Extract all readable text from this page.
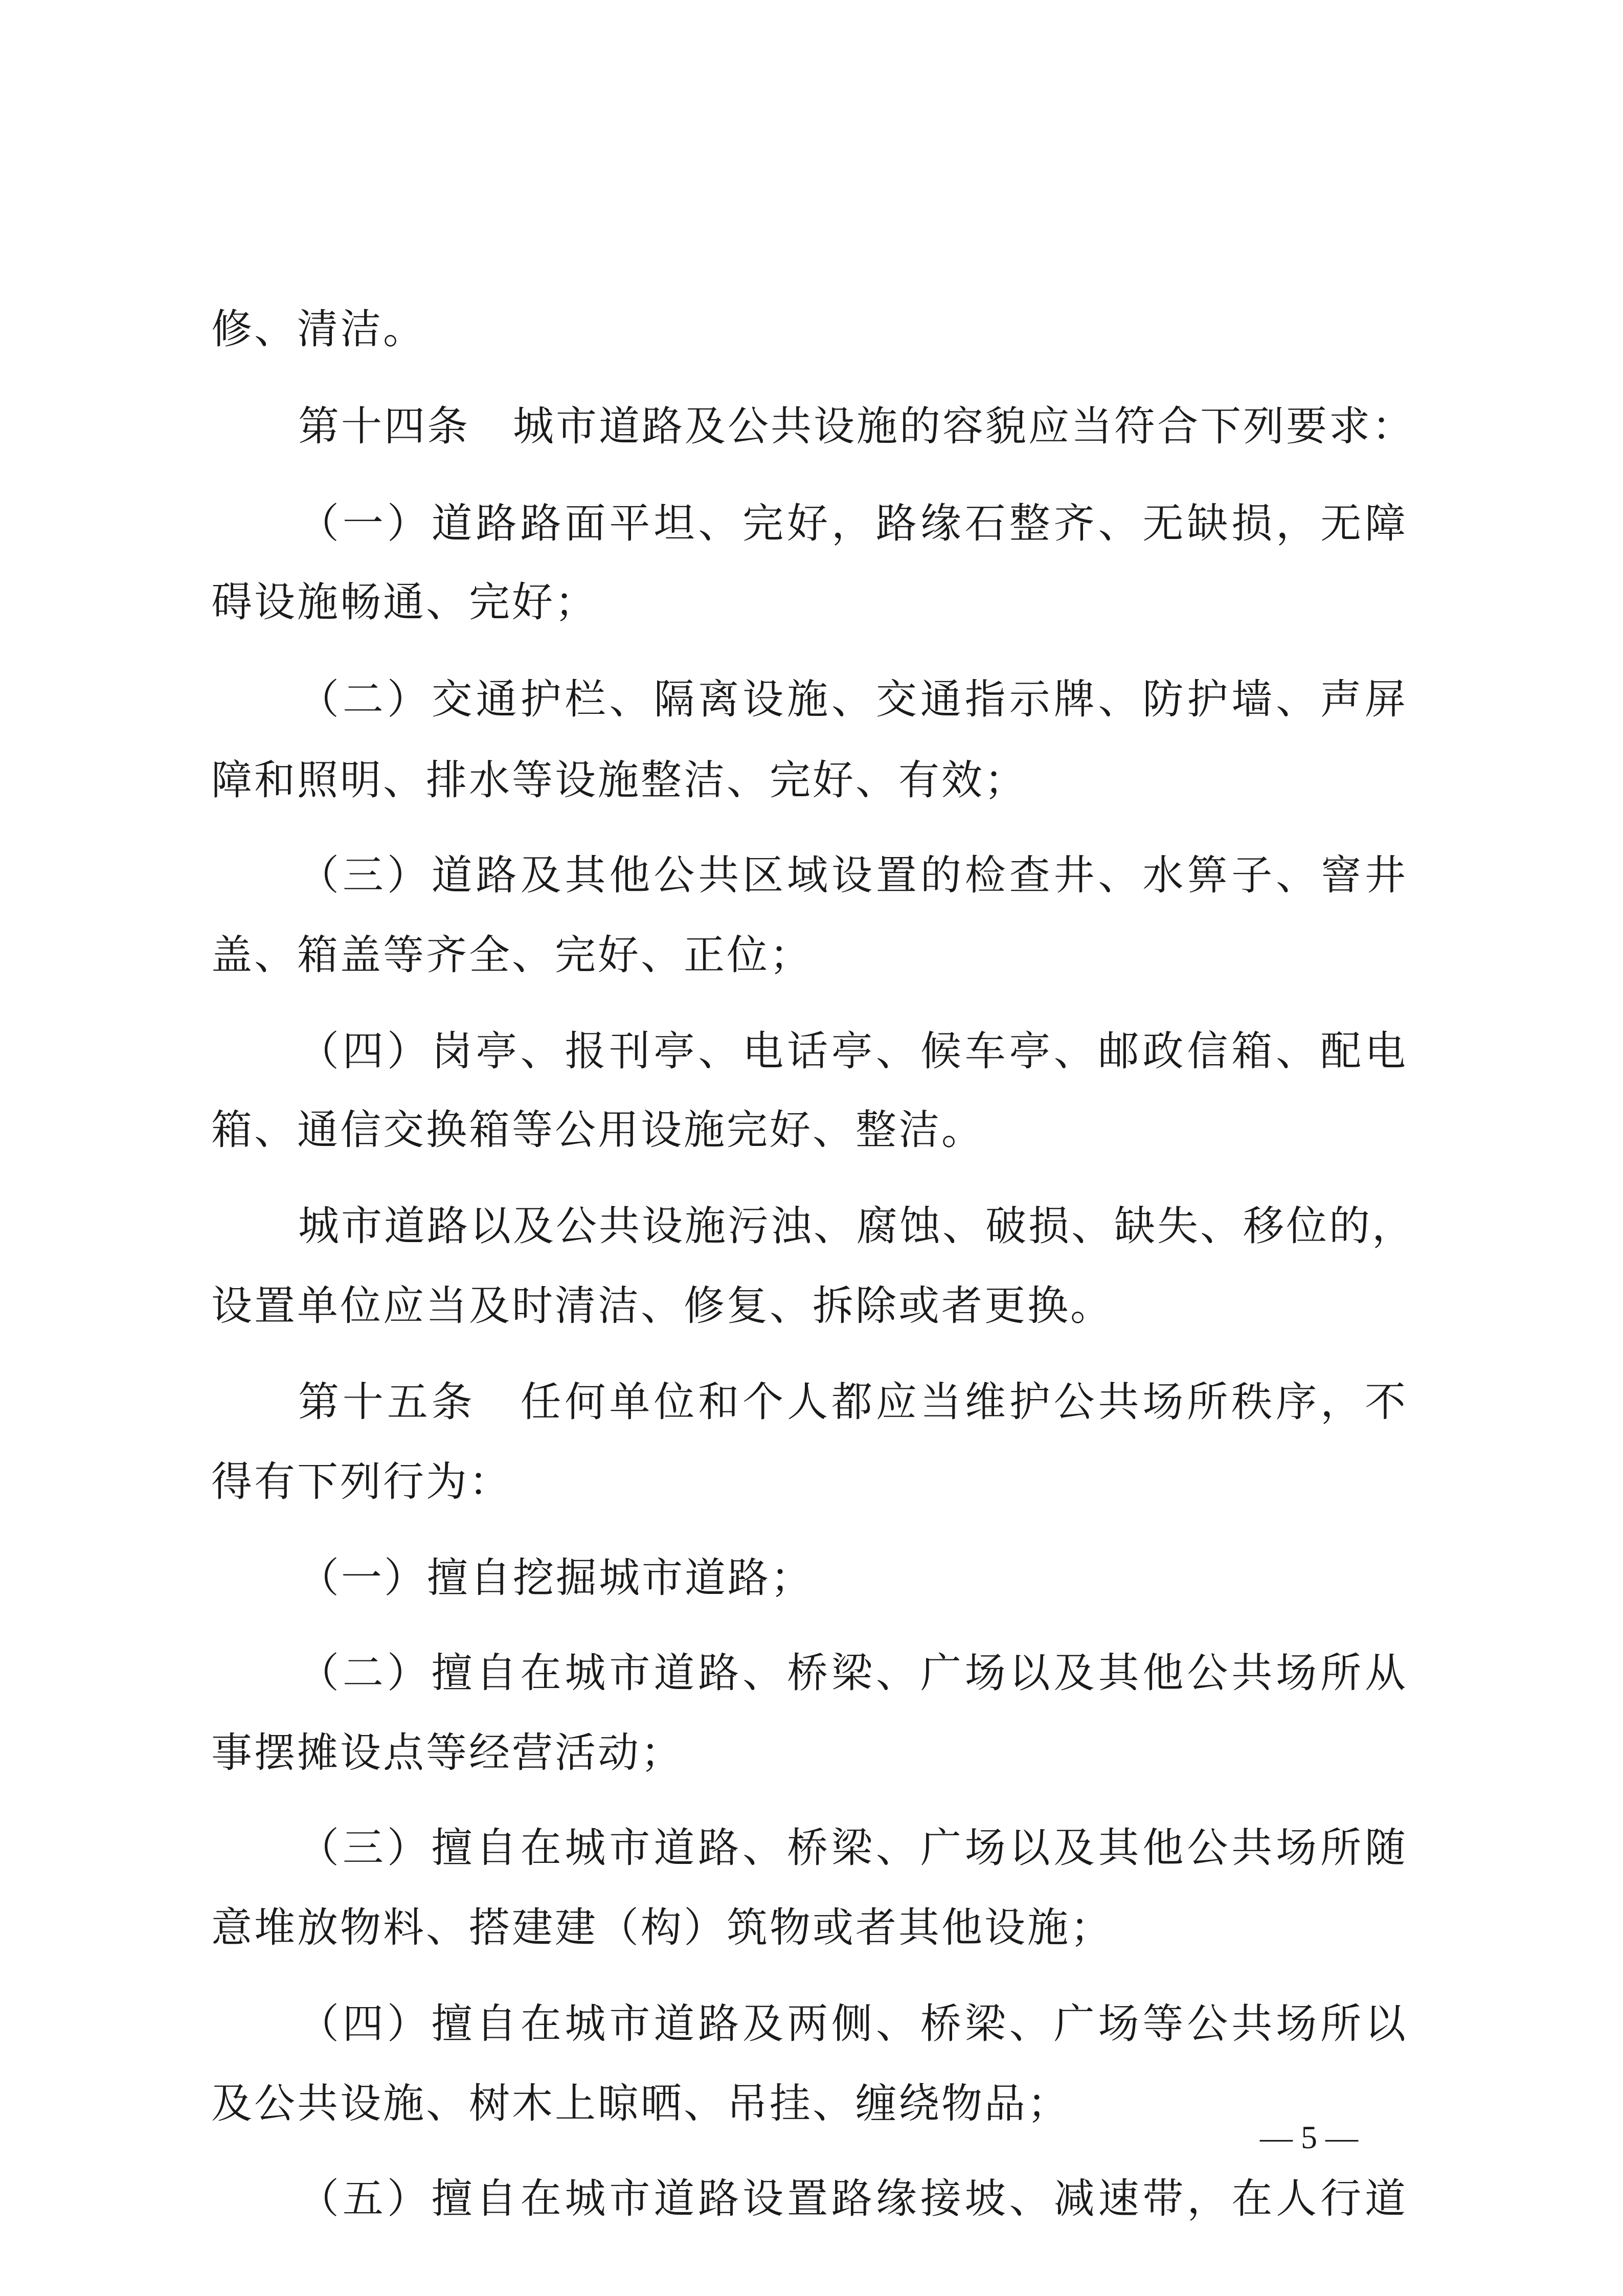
修、清洁。
第十四条　城市道路及公共设施的容貌应当符合下列要求：
（一）道路路面平坦、完好，路缘石整齐、无缺损，无障
碍设施畅通、完好；
（二）交通护栏、隔离设施、交通指示牌、防护墙、声屏
障和照明、排水等设施整洁、完好、有效；
（三）道路及其他公共区域设置的检查井、水箅子、窨井
盖、箱盖等齐全、完好、正位；
（四）岗亭、报刊亭、电话亭、候车亭、邮政信箱、配电
箱、通信交换箱等公用设施完好、整洁。
城市道路以及公共设施污浊、腐蚀、破损、缺失、移位的，
设置单位应当及时清洁、修复、拆除或者更换。
第十五条　任何单位和个人都应当维护公共场所秩序，不
得有下列行为：
（一）擅自挖掘城市道路；
（二）擅自在城市道路、桥梁、广场以及其他公共场所从
事摆摊设点等经营活动；
（三）擅自在城市道路、桥梁、广场以及其他公共场所随
意堆放物料、搭建建（构）筑物或者其他设施；
（四）擅自在城市道路及两侧、桥梁、广场等公共场所以
及公共设施、树木上晾晒、吊挂、缠绕物品；
（五）擅自在城市道路设置路缘接坡、减速带，在人行道
— 5 —
